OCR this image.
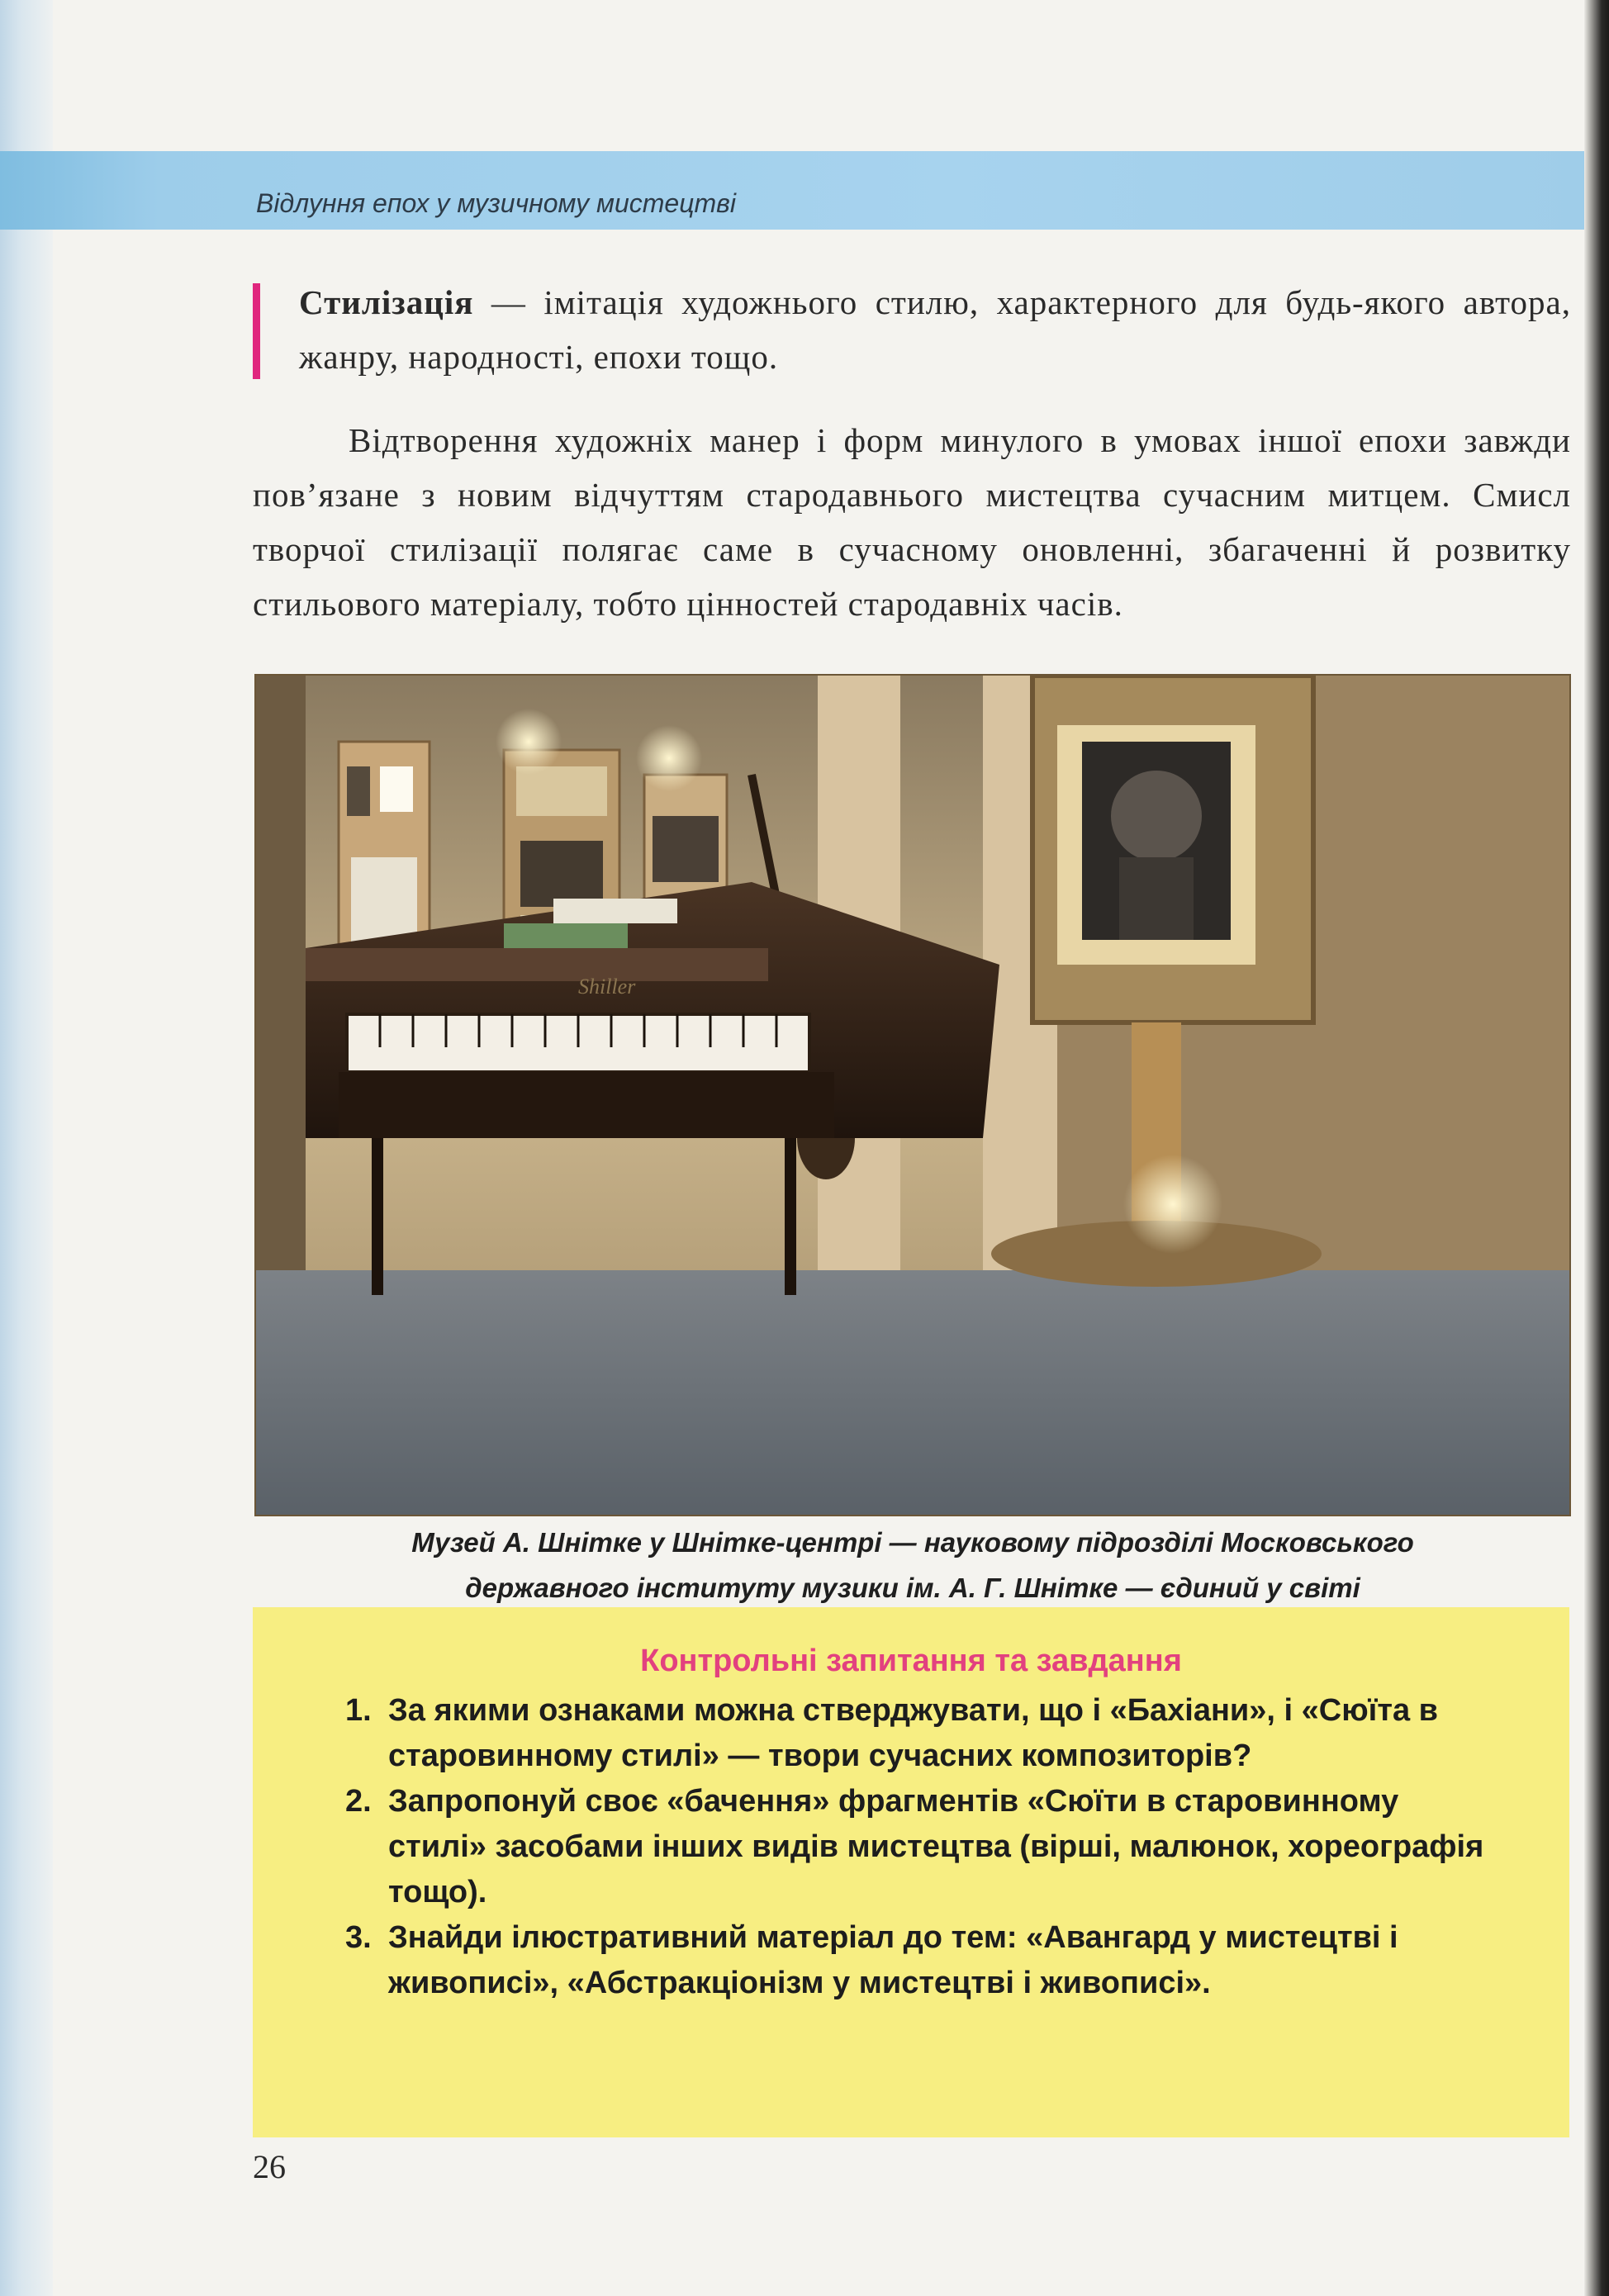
Відлуння епох у музичному мистецтві
Стилізація — імітація художнього стилю, характерного для будь-якого автора, жанру, народності, епохи тощо.
Відтворення художніх манер і форм минулого в умовах іншої епохи завжди пов’язане з новим відчуттям стародавнього мистецтва сучасним митцем. Смисл творчої стилізації полягає саме в сучасному оновленні, збагаченні й розвитку стильового матеріалу, тобто цінностей стародавніх часів.
Shiller
Музей А. Шнітке у Шнітке-центрі — науковому підрозділі Московського
державного інституту музики ім. А. Г. Шнітке — єдиний у світі
Контрольні запитання та завдання
1. За якими ознаками можна стверджувати, що і «Бахіани», і «Сюїта в старовинному стилі» — твори сучасних композиторів?
2. Запропонуй своє «бачення» фрагментів «Сюїти в старовинному стилі» засобами інших видів мистецтва (вірші, малюнок, хореографія тощо).
3. Знайди ілюстративний матеріал до тем: «Авангард у мистецтві і живописі», «Абстракціонізм у мистецтві і живописі».
26
